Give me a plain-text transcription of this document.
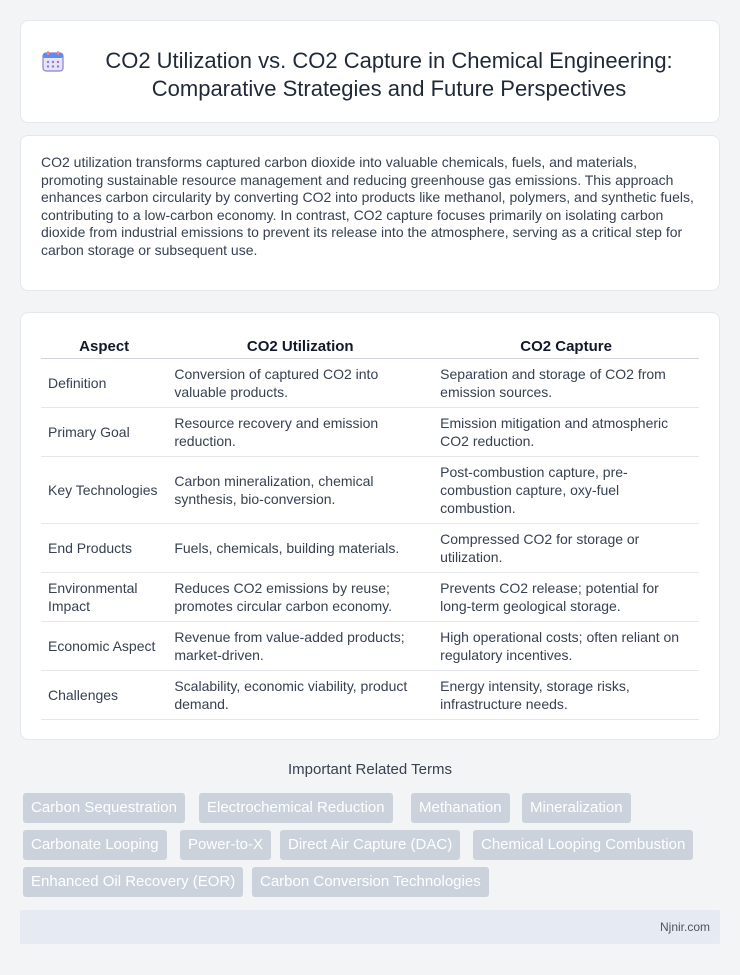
CO2 Utilization vs. CO2 Capture in Chemical Engineering: Comparative Strategies and Future Perspectives

CO2 utilization transforms captured carbon dioxide into valuable chemicals, fuels, and materials, promoting sustainable resource management and reducing greenhouse gas emissions. This approach enhances carbon circularity by converting CO2 into products like methanol, polymers, and synthetic fuels, contributing to a low-carbon economy. In contrast, CO2 capture focuses primarily on isolating carbon dioxide from industrial emissions to prevent its release into the atmosphere, serving as a critical step for carbon storage or subsequent use.

Aspect	CO2 Utilization	CO2 Capture
Definition	Conversion of captured CO2 into valuable products.	Separation and storage of CO2 from emission sources.
Primary Goal	Resource recovery and emission reduction.	Emission mitigation and atmospheric CO2 reduction.
Key Technologies	Carbon mineralization, chemical synthesis, bio-conversion.	Post-combustion capture, pre-combustion capture, oxy-fuel combustion.
End Products	Fuels, chemicals, building materials.	Compressed CO2 for storage or utilization.
Environmental Impact	Reduces CO2 emissions by reuse; promotes circular carbon economy.	Prevents CO2 release; potential for long-term geological storage.
Economic Aspect	Revenue from value-added products; market-driven.	High operational costs; often reliant on regulatory incentives.
Challenges	Scalability, economic viability, product demand.	Energy intensity, storage risks, infrastructure needs.
Important Related Terms
Carbon Sequestration	Electrochemical Reduction	Methanation	Mineralization
Carbonate Looping	Power-to-X	Direct Air Capture (DAC)	Chemical Looping Combustion
Enhanced Oil Recovery (EOR)	Carbon Conversion Technologies
Njnir.com
